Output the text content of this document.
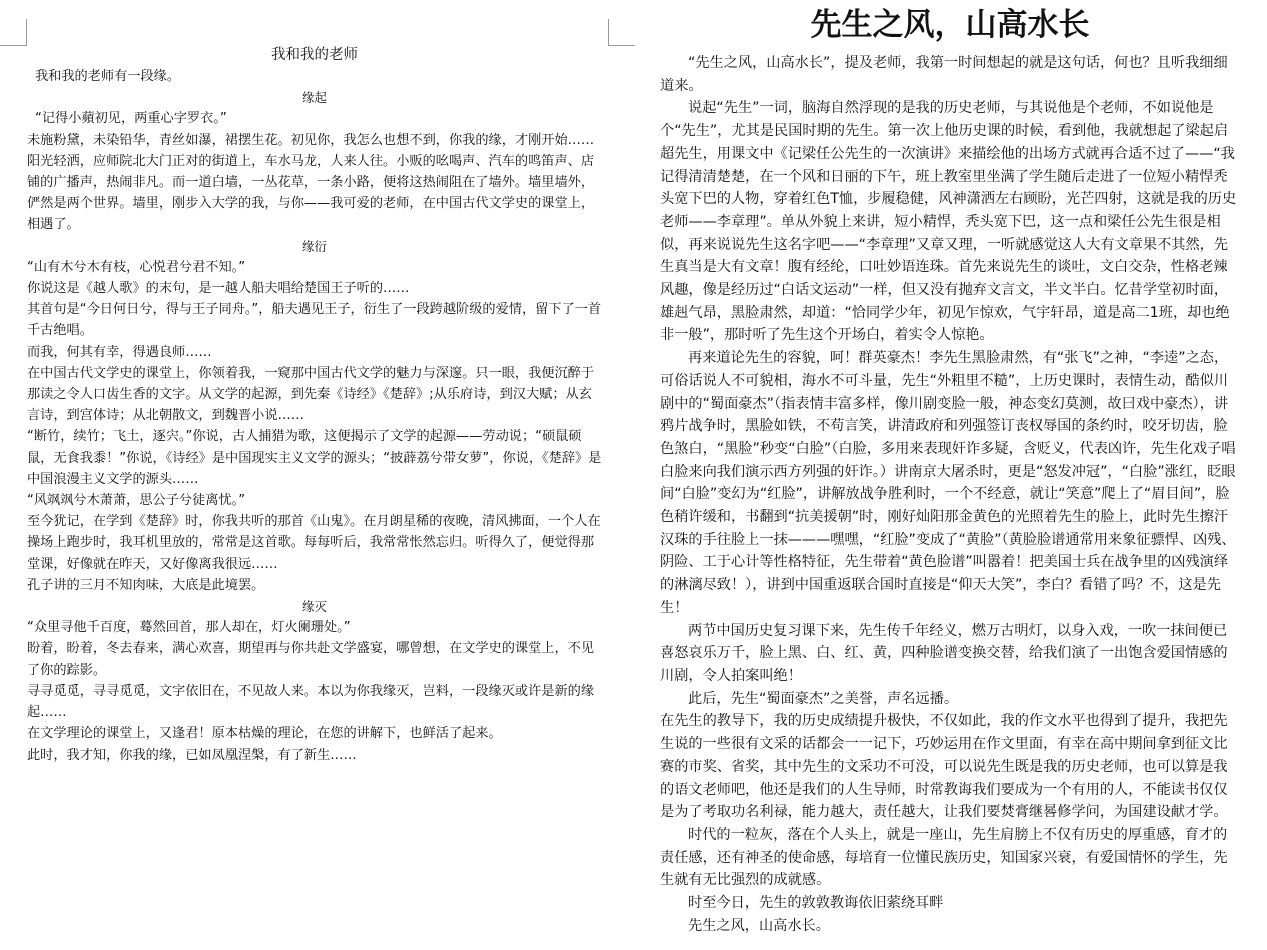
我和我的老师

我和我的老师有一段缘。

缘起

“记得小蘋初见，两重心字罗衣。”

未施粉黛，未染铅华，青丝如瀑，裙摆生花。初见你，我怎么也想不到，你我的缘，才刚开始……

阳光轻洒，应师院北大门正对的街道上，车水马龙，人来人往。小贩的吆喝声、汽车的鸣笛声、店铺的广播声，热闹非凡。而一道白墙，一丛花草，一条小路，便将这热闹阻在了墙外。墙里墙外，俨然是两个世界。墙里，刚步入大学的我，与你——我可爱的老师，在中国古代文学史的课堂上，相遇了。

缘衍

“山有木兮木有枝，心悦君兮君不知。”

你说这是《越人歌》的末句，是一越人船夫唱给楚国王子听的……

其首句是“今日何日兮，得与王子同舟。”，船夫遇见王子，衍生了一段跨越阶级的爱情，留下了一首千古绝唱。

而我，何其有幸，得遇良师……

在中国古代文学史的课堂上，你领着我，一窥那中国古代文学的魅力与深邃。只一眼，我便沉醉于那读之令人口齿生香的文字。从文学的起源，到先秦《诗经》《楚辞》;从乐府诗，到汉大赋；从玄言诗，到宫体诗；从北朝散文，到魏晋小说……

“断竹，续竹；飞土，逐宍。”你说，古人捕猎为歌，这便揭示了文学的起源——劳动说；“硕鼠硕鼠，无食我黍！”你说，《诗经》是中国现实主义文学的源头；“披薜荔兮带女萝”，你说，《楚辞》是中国浪漫主义文学的源头……

“风飒飒兮木萧萧，思公子兮徒离忧。”

至今犹记，在学到《楚辞》时，你我共听的那首《山鬼》。在月朗星稀的夜晚，清风拂面，一个人在操场上跑步时，我耳机里放的，常常是这首歌。每每听后，我常常怅然忘归。听得久了，便觉得那堂课，好像就在昨天，又好像离我很远……

孔子讲的三月不知肉味，大底是此境罢。

缘灭

“众里寻他千百度，蓦然回首，那人却在，灯火阑珊处。”

盼着，盼着，冬去春来，满心欢喜，期望再与你共赴文学盛宴，哪曾想，在文学史的课堂上，不见了你的踪影。

寻寻觅觅，寻寻觅觅，文字依旧在，不见故人来。本以为你我缘灭，岂料，一段缘灭或许是新的缘起……

在文学理论的课堂上，又逢君！原本枯燥的理论，在您的讲解下，也鲜活了起来。

此时，我才知，你我的缘，已如凤凰涅槃，有了新生……

先生之风，山高水长

“先生之风，山高水长”，提及老师，我第一时间想起的就是这句话，何也？且听我细细道来。

说起“先生”一词，脑海自然浮现的是我的历史老师，与其说他是个老师，不如说他是个“先生”，尤其是民国时期的先生。第一次上他历史课的时候，看到他，我就想起了梁起启超先生，用课文中《记梁任公先生的一次演讲》来描绘他的出场方式就再合适不过了——“我记得清清楚楚，在一个风和日丽的下午，班上教室里坐满了学生随后走进了一位短小精悍秃头宽下巴的人物，穿着红色T恤，步履稳健，风神潇洒左右顾盼，光芒四射，这就是我的历史老师——李章理”。单从外貌上来讲，短小精悍，秃头宽下巴，这一点和梁任公先生很是相似，再来说说先生这名字吧——“李章理”又章又理，一听就感觉这人大有文章果不其然，先生真当是大有文章！腹有经纶，口吐妙语连珠。首先来说先生的谈吐，文白交杂，性格老辣风趣，像是经历过“白话文运动”一样，但又没有抛弃文言文，半文半白。忆昔学堂初时面，雄赳气昂，黑脸肃然，却道：“恰同学少年，初见乍惊欢，气宇轩昂，道是高二1班，却也绝非一般”，那时听了先生这个开场白，着实令人惊艳。

再来道论先生的容貌，呵！群英豪杰！李先生黑脸肃然，有“张飞”之神，“李逵”之态，可俗话说人不可貌相，海水不可斗量，先生“外粗里不糙”，上历史课时，表情生动，酷似川剧中的“蜀面豪杰”（指表情丰富多样，像川剧变脸一般，神态变幻莫测，故曰戏中豪杰），讲鸦片战争时，黑脸如铁，不苟言笑，讲清政府和列强签订丧权辱国的条约时，咬牙切齿，脸色煞白，“黑脸”秒变“白脸”（白脸，多用来表现奸诈多疑，含贬义，代表凶许，先生化戏子唱白脸来向我们演示西方列强的奸诈。）讲南京大屠杀时，更是“怒发冲冠”，“白脸”涨红，眨眼间“白脸”变幻为“红脸”，讲解放战争胜利时，一个不经意，就让“笑意”爬上了“眉目间”，脸色稍许缓和，书翻到“抗美援朝”时，刚好灿阳那金黄色的光照着先生的脸上，此时先生擦汗汉珠的手往脸上一抹———嘿嘿，“红脸”变成了“黄脸”（黄脸脸谱通常用来象征骠悍、凶残、阴险、工于心计等性格特征，先生带着“黄色脸谱”叫嚣着！把美国士兵在战争里的凶残演绎的淋漓尽致！），讲到中国重返联合国时直接是“仰天大笑”，李白？看错了吗？不，这是先生！

两节中国历史复习课下来，先生传千年经义，燃万古明灯，以身入戏，一吹一抹间便已喜怒哀乐万千，脸上黑、白、红、黄，四种脸谱变换交替，给我们演了一出饱含爱国情感的川剧，令人拍案叫绝！

此后，先生“蜀面豪杰”之美誉，声名远播。

在先生的教导下，我的历史成绩提升极快，不仅如此，我的作文水平也得到了提升，我把先生说的一些很有文采的话都会一一记下，巧妙运用在作文里面，有幸在高中期间拿到征文比赛的市奖、省奖，其中先生的文采功不可没，可以说先生既是我的历史老师，也可以算是我的语文老师吧，他还是我们的人生导师，时常教诲我们要成为一个有用的人，不能读书仅仅是为了考取功名利禄，能力越大，责任越大，让我们要焚膏继晷修学问，为国建设献才学。

时代的一粒灰，落在个人头上，就是一座山，先生肩膀上不仅有历史的厚重感，育才的责任感，还有神圣的使命感，每培育一位懂民族历史，知国家兴衰，有爱国情怀的学生，先生就有无比强烈的成就感。

时至今日，先生的敦敦教诲依旧萦绕耳畔

先生之风，山高水长。
